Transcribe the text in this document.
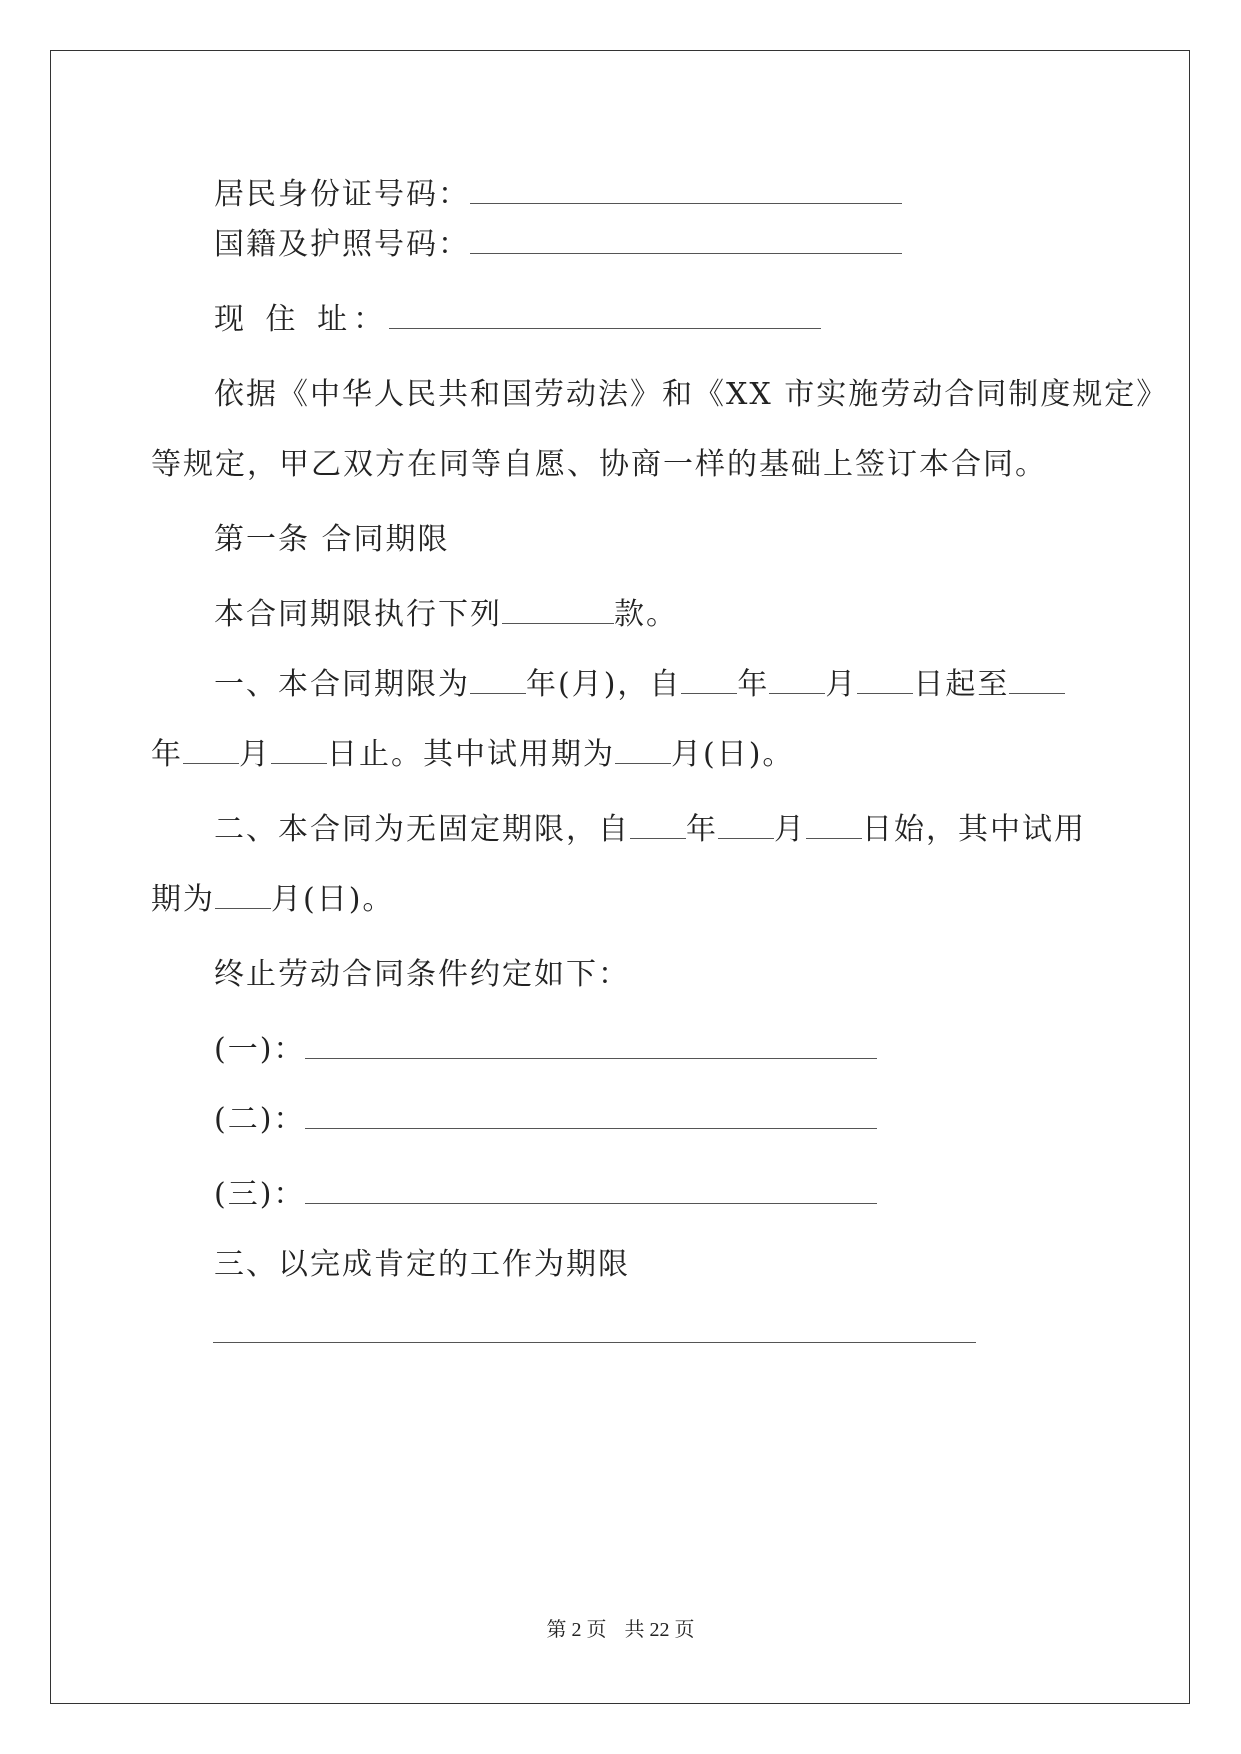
居民身份证号码：
国籍及护照号码：
现 住 址：
依据《中华人民共和国劳动法》和《XX 市实施劳动合同制度规定》
等规定，甲乙双方在同等自愿、协商一样的基础上签订本合同。
第一条 合同期限
本合同期限执行下列	款。
一、本合同期限为 年(月)，自 年 月 日起至
年 月 日止。其中试用期为 月(日)。
二、本合同为无固定期限，自 年 月 日始，其中试用
期为 月(日)。
终止劳动合同条件约定如下：
(一)：
(二)：
(三)：
三、以完成肯定的工作为期限
第 2 页 共 22 页
